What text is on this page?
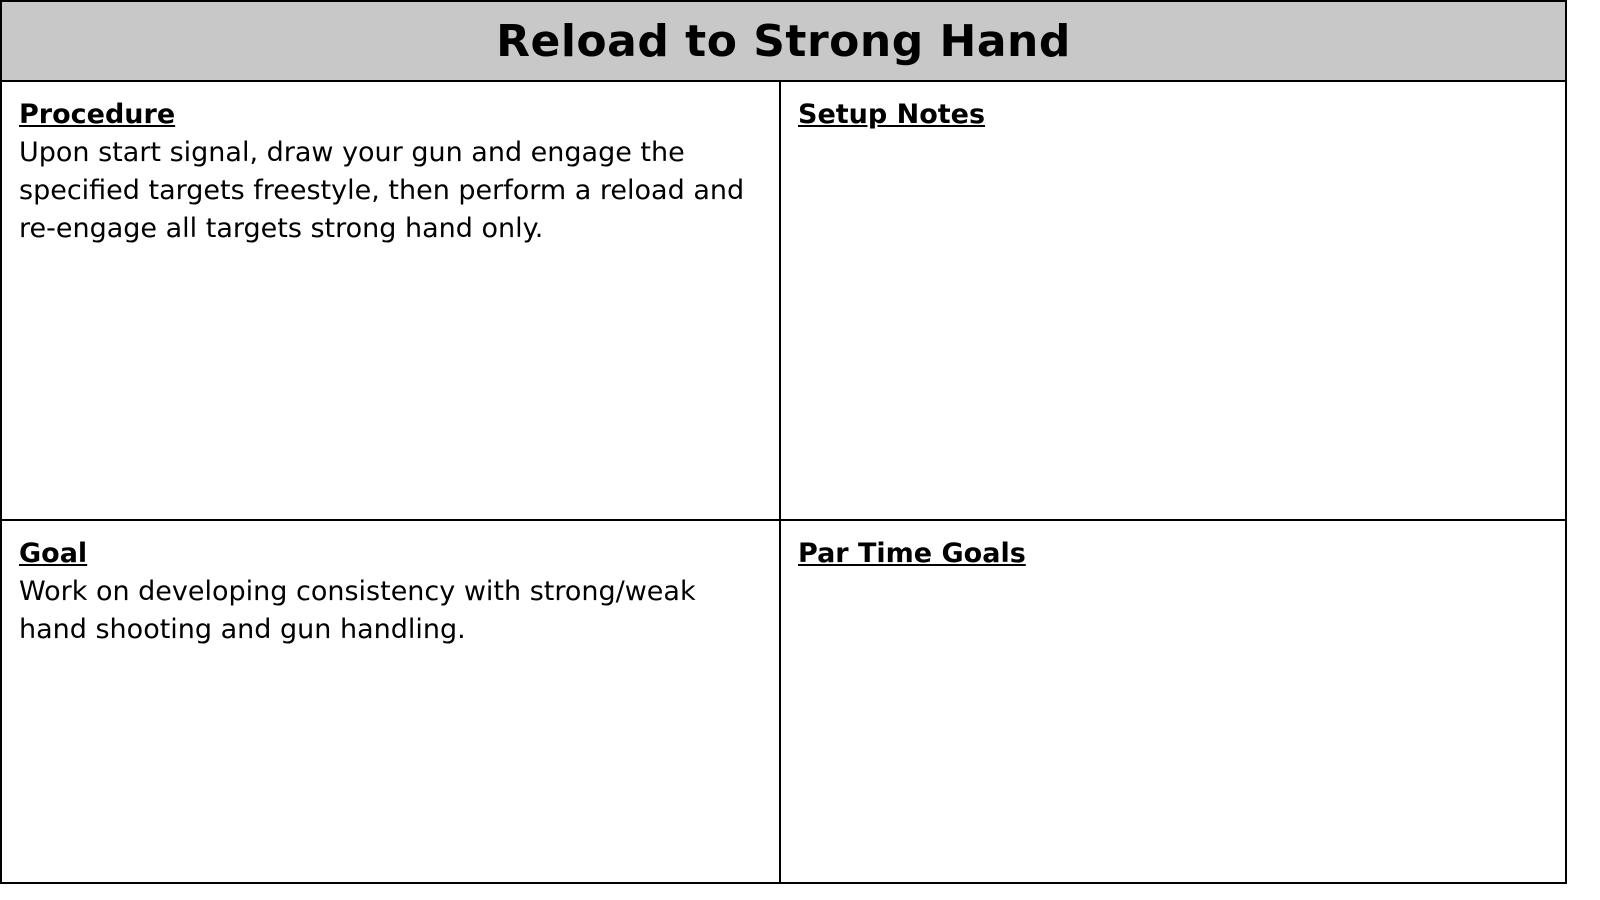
Reload to Strong Hand
Procedure

Upon start signal, draw your gun and engage the specified targets freestyle, then perform a reload and re-engage all targets strong hand only.

Setup Notes

Goal

Work on developing consistency with strong/weak hand shooting and gun handling.

Par Time Goals
